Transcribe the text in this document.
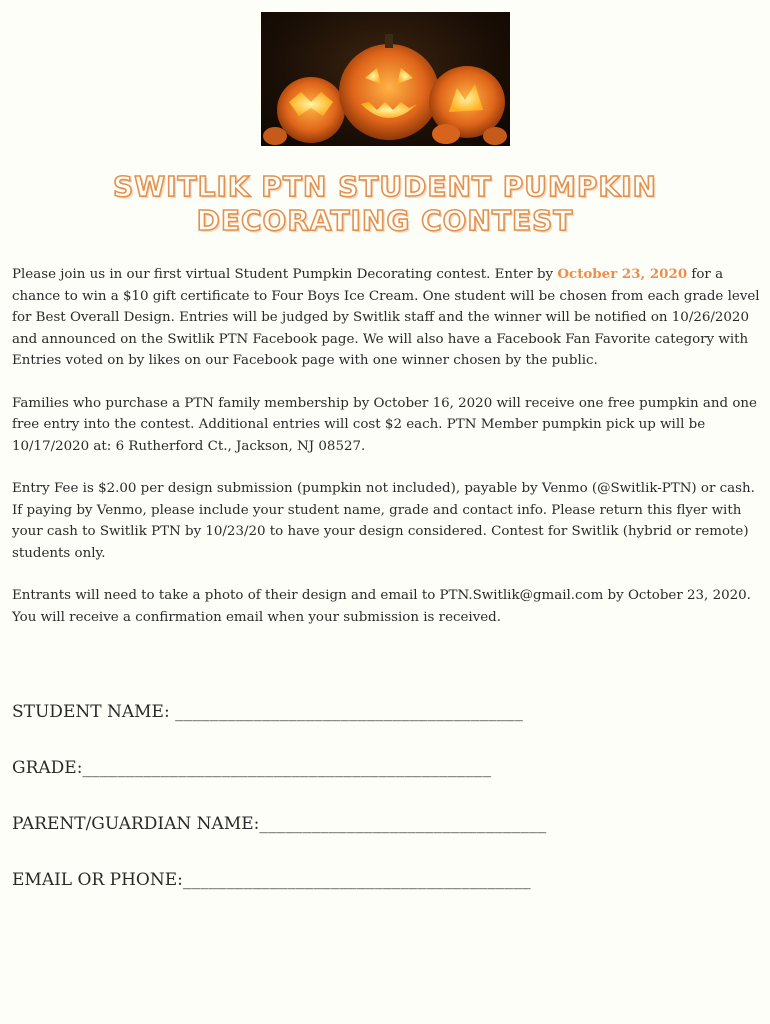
SWITLIK PTN STUDENT PUMPKIN
DECORATING CONTEST

Please join us in our first virtual Student Pumpkin Decorating contest. Enter by October 23, 2020 for a chance to win a $10 gift certificate to Four Boys Ice Cream. One student will be chosen from each grade level for Best Overall Design. Entries will be judged by Switlik staff and the winner will be notified on 10/26/2020 and announced on the Switlik PTN Facebook page. We will also have a Facebook Fan Favorite category with Entries voted on by likes on our Facebook page with one winner chosen by the public.

Families who purchase a PTN family membership by October 16, 2020 will receive one free pumpkin and one free entry into the contest. Additional entries will cost $2 each. PTN Member pumpkin pick up will be 10/17/2020 at: 6 Rutherford Ct., Jackson, NJ 08527.

Entry Fee is $2.00 per design submission (pumpkin not included), payable by Venmo (@Switlik-PTN) or cash. If paying by Venmo, please include your student name, grade and contact info. Please return this flyer with your cash to Switlik PTN by 10/23/20 to have your design considered. Contest for Switlik (hybrid or remote) students only.

Entrants will need to take a photo of their design and email to PTN.Switlik@gmail.com by October 23, 2020. You will receive a confirmation email when your submission is received.

STUDENT NAME: ________________________________________
GRADE:_______________________________________________
PARENT/GUARDIAN NAME:_________________________________
EMAIL OR PHONE:________________________________________
